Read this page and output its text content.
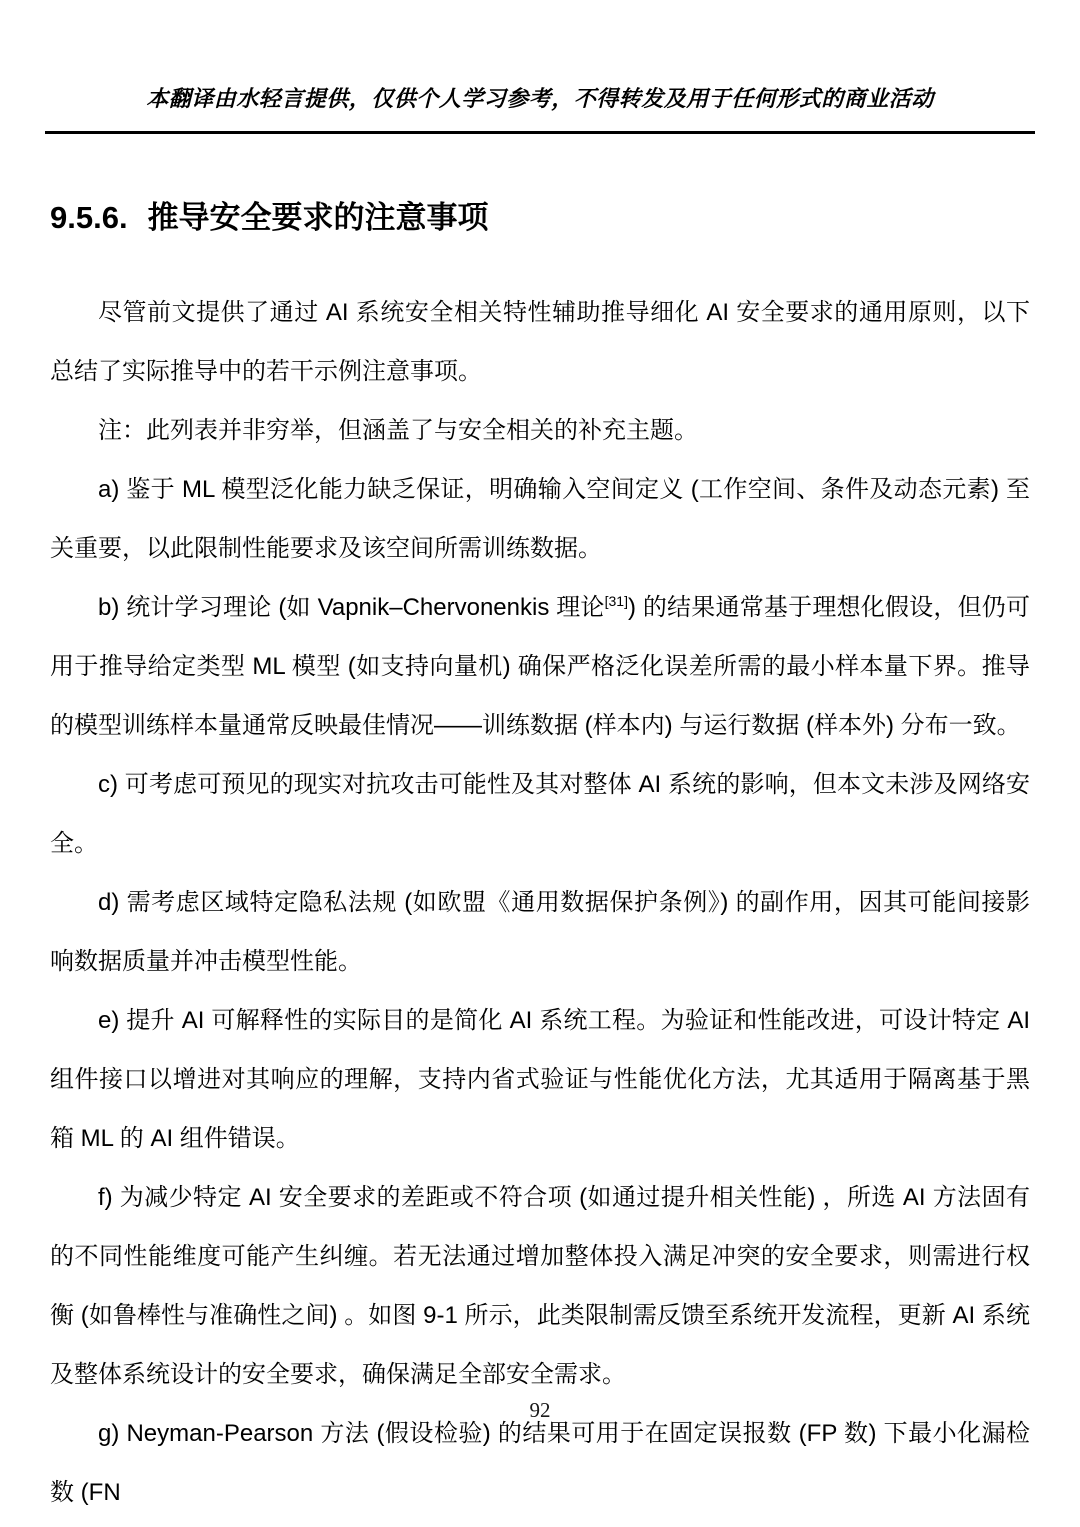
本翻译由水轻言提供，仅供个人学习参考，不得转发及用于任何形式的商业活动
9.5.6. 推导安全要求的注意事项

尽管前文提供了通过 AI 系统安全相关特性辅助推导细化 AI 安全要求的通用原则，以下总结了实际推导中的若干示例注意事项。

注：此列表并非穷举，但涵盖了与安全相关的补充主题。

a) 鉴于 ML 模型泛化能力缺乏保证，明确输入空间定义 (工作空间、条件及动态元素) 至关重要，以此限制性能要求及该空间所需训练数据。

b) 统计学习理论 (如 Vapnik–Chervonenkis 理论[31]) 的结果通常基于理想化假设，但仍可用于推导给定类型 ML 模型 (如支持向量机) 确保严格泛化误差所需的最小样本量下界。推导的模型训练样本量通常反映最佳情况——训练数据 (样本内) 与运行数据 (样本外) 分布一致。

c) 可考虑可预见的现实对抗攻击可能性及其对整体 AI 系统的影响，但本文未涉及网络安全。

d) 需考虑区域特定隐私法规 (如欧盟《通用数据保护条例》) 的副作用，因其可能间接影响数据质量并冲击模型性能。

e) 提升 AI 可解释性的实际目的是简化 AI 系统工程。为验证和性能改进，可设计特定 AI 组件接口以增进对其响应的理解，支持内省式验证与性能优化方法，尤其适用于隔离基于黑箱 ML 的 AI 组件错误。

f) 为减少特定 AI 安全要求的差距或不符合项 (如通过提升相关性能) ，所选 AI 方法固有的不同性能维度可能产生纠缠。若无法通过增加整体投入满足冲突的安全要求，则需进行权衡 (如鲁棒性与准确性之间) 。如图 9-1 所示，此类限制需反馈至系统开发流程，更新 AI 系统及整体系统设计的安全要求，确保满足全部安全需求。

g) Neyman-Pearson 方法 (假设检验) 的结果可用于在固定误报数 (FP 数) 下最小化漏检数 (FN

92
